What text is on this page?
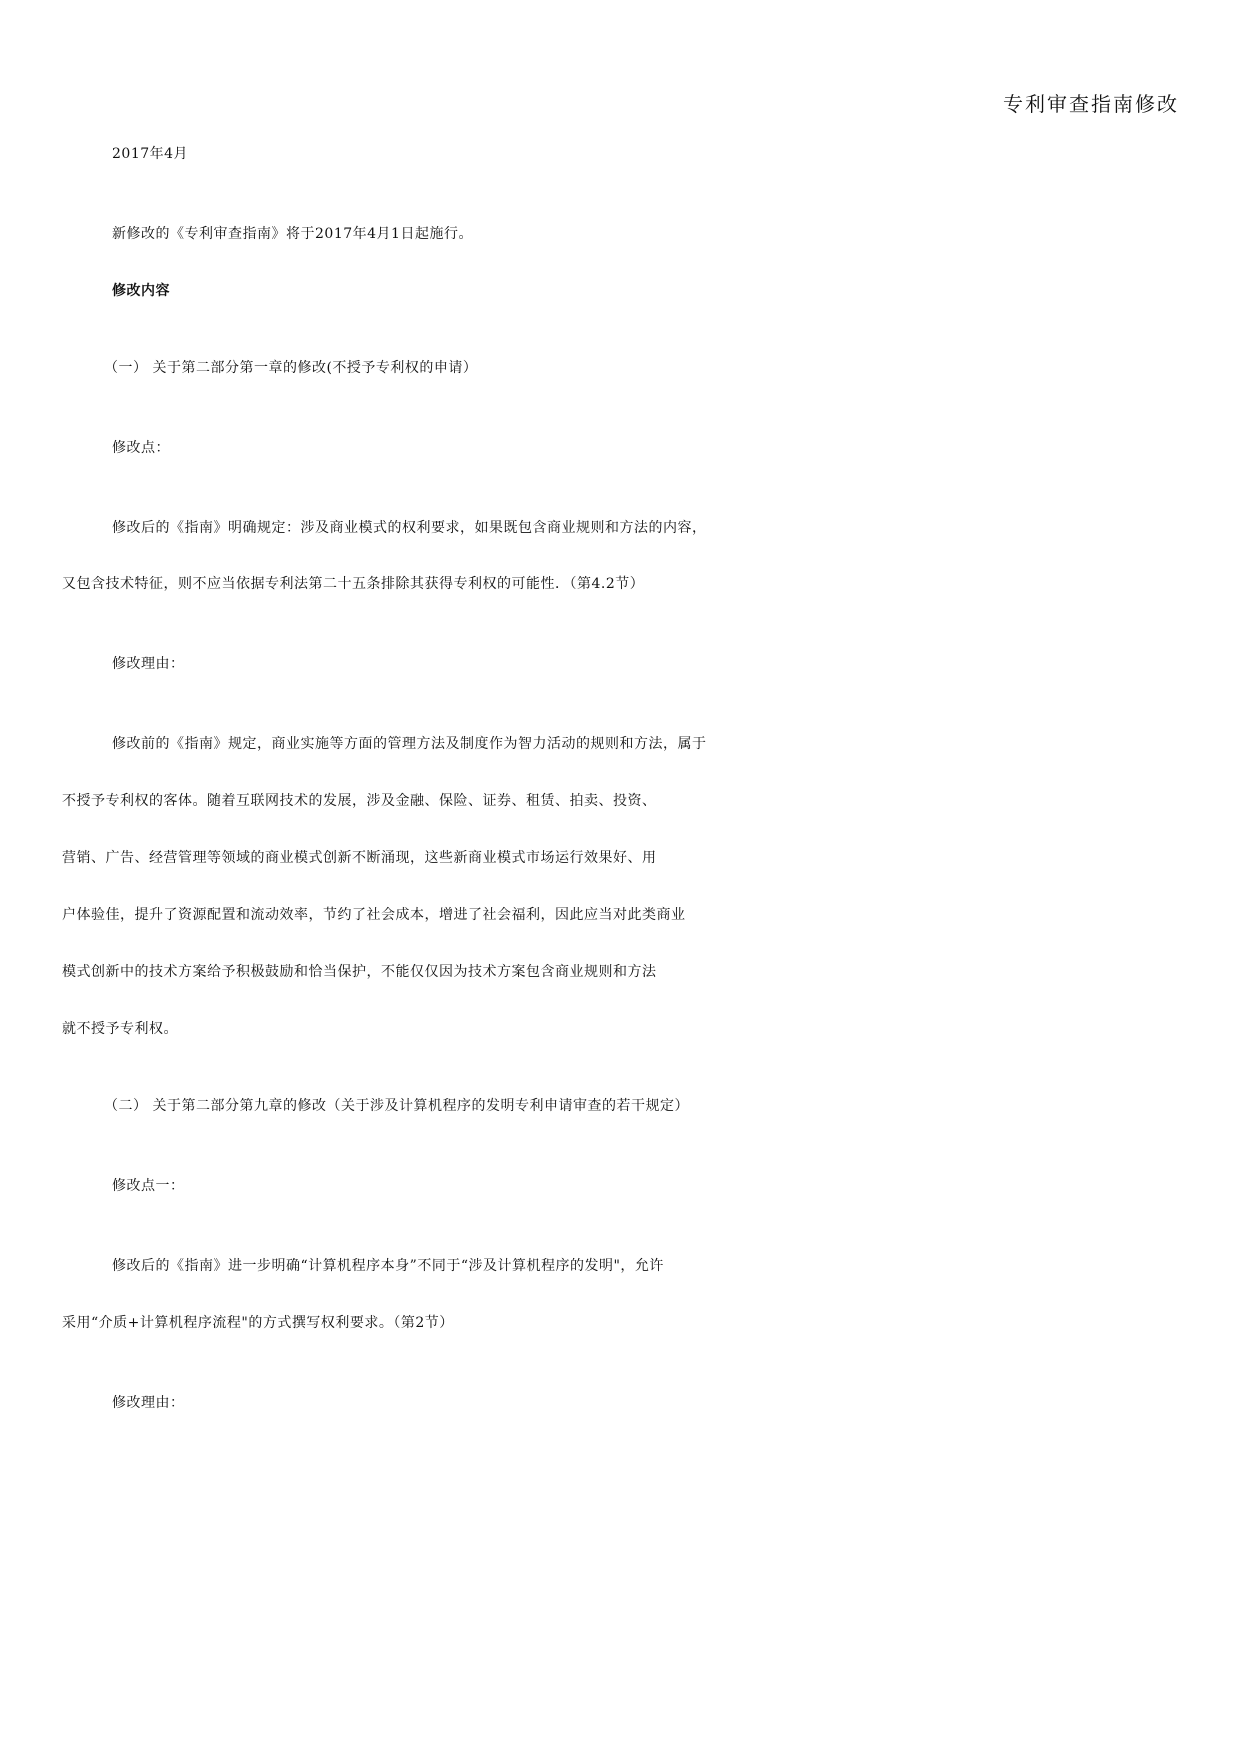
专利审查指南修改
2017年4月
新修改的《专利审查指南》将于2017年4月1日起施行。
修改内容
（一） 关于第二部分第一章的修改(不授予专利权的申请）
修改点：
修改后的《指南》明确规定：涉及商业模式的权利要求，如果既包含商业规则和方法的内容，
又包含技术特征，则不应当依据专利法第二十五条排除其获得专利权的可能性．（第4.2节）
修改理由：
修改前的《指南》规定，商业实施等方面的管理方法及制度作为智力活动的规则和方法，属于
不授予专利权的客体。随着互联网技术的发展，涉及金融、保险、证券、租赁、拍卖、投资、
营销、广告、经营管理等领域的商业模式创新不断涌现，这些新商业模式市场运行效果好、用
户体验佳，提升了资源配置和流动效率，节约了社会成本，增进了社会福利，因此应当对此类商业
模式创新中的技术方案给予积极鼓励和恰当保护，不能仅仅因为技术方案包含商业规则和方法
就不授予专利权。
（二） 关于第二部分第九章的修改（关于涉及计算机程序的发明专利申请审查的若干规定）
修改点一：
修改后的《指南》进一步明确“计算机程序本身”不同于“涉及计算机程序的发明"，允许
采用“介质+计算机程序流程"的方式撰写权利要求。（第2节）
修改理由：
